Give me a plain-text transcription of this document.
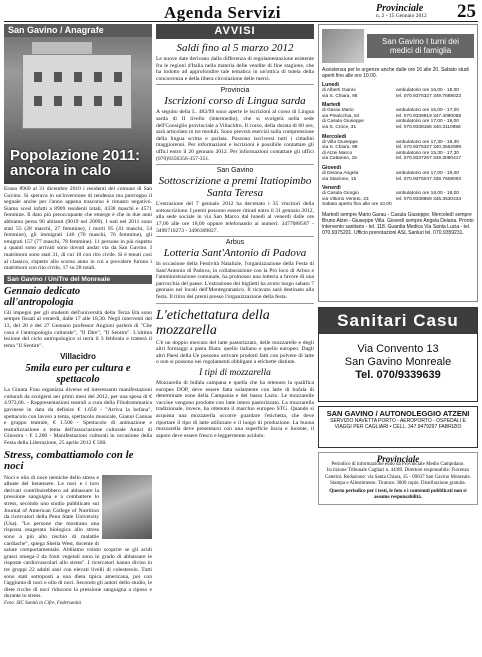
Agenda Servizi	Provinciale
n. 2 - 15 Gennaio 2012 25
San Gavino / Anagrafe
Popolazione 2011: ancora in calo

Erano 8960 al 31 dicembre 2010 i residenti del comune di San Gavino. Si sperava in un'inversione di tendenza ma purtroppo il segnale anche per l'anno appena trascorso è rimasto negativo. Siamo scesi infatti a 8909 residenti totali, 4338 maschi e 4571 femmine. Il dato più preoccupante che emerge è che in due anni abbiamo perso 90 abitanti (9019 nel 2009). I nati nel 2011 sono stati 55 (28 maschi, 27 femmine), i morti 95 (41 maschi, 54 femmine), gli immigrati 146 (70 maschi, 76 femmine), gli emigrati 157 (77 maschi, 78 femmine). 11 persone in più rispetto a quanti sono arrivati sono dovuti andar via da San Gavino. I matrimoni sono stati 31, di cui 10 con rito civile. Si è tenuti così al classico, rispetto allo scorso anno in cui a prevalere furono i matrimoni con rito civile, 17 su 28 totali.

San Gavino / UniTre del Monreale
Gennaio dedicato all'antropologia

Gli impegni per gli studenti dell'università della Terza Età sono sempre fissati al venerdì, dalle 17 alle 18,30. Negli interventi del 13, del 20 e del 27 Gennaio professor Angioni parlerà di "Che cosa è l'antropologia culturale", "Il Dire", "Il Sentire". L'ultima lezione del ciclo antropologico si terrà il 3 febbraio e tratterà il tema "Il Sentire".

Villacidro
5mila euro per cultura e spettacolo

La Giunta Frau organizza diverse ed interessanti manifestazioni culturali da svolgersi nei primi mesi del 2012, per una spesa di € 4.973,60. - Rappresentazioni teatrali a cura della Filodrammatica gavinese in data da definire € 1.650 - "Arriva la befana", spettacolo con lavoro a tema, spettacolo musicale, Gianni Cannas e gruppo teatrale, € 1.500 - Spettacolo di animazione e teatralizzazione a tema dell'associazione culturale Amici di Ginostra - € 1.200 - Manifestazioni culturali in occasione della Festa della Liberazione, 25 aprile 2012 € 500.

Stress, combattiamolo con le noci

Noci e olio di noce nemiche dello stress e alleate del benessere. Le noci e i loro derivati contribuirebbero ad abbassare la pressione sanguigna e a combattere lo stress, secondo uno studio pubblicato sul Journal of American College of Nutrition da ricercatori della Penn State University (Usa). "Le persone che mostrano una risposta esagerata biologica allo stress sono a più alto rischio di malattie cardiache", spiega Sheila West, docente di salute comportamentale. Abbiamo voluto scoprire se gli acidi grassi omega-3 da fonti vegetali sono in grado di abbassare le risposte cardiovascolari allo stress". I ricercatori hanno diviso in tre gruppi 22 adulti sani con elevati livelli di colesterolo. Tutti sono stati sottoposti a una dieta tipica americana, poi con l'aggiunta di noci e olio di noci. Secondo gli autori dello studio, le diete ricche di noci riducono la pressione sanguigna a riposo e durante lo stress.

Foto: SIC Sanità in Cifre, Federsanità
AVVISI
Saldi fino al 5 marzo 2012

Le nuove date derivano dalla differenza di regolamentazione esistente fra le regioni d'Italia nella materia delle vendite di fine stagione, che ha indotto ad approfondire tale tematica in un'ottica di tutela della concorrenza e della libera circolazione delle merci.

Provincia
Iscrizioni corso di Lingua sarda

A seguito della L. 482/99 sono aperte le iscrizioni al corso di Lingua sarda di II livello (intermedio), che si svolgerà nella sede dell'Consiglio provinciale a Villacidro. Il corso, della durata di 60 ore, sarà articolato in tre moduli. Sono previsti esercizi sulla comprensione della lingua scritta e parlata. Possono iscriversi tutti i cittadini maggiorenni. Per informazioni e iscrizioni è possibile contattare gli uffici entro il 20 gennaio 2012. Per informazioni contattare gli uffici (070)9356356-357-351.

San Gavino
Sottoscrizione a premi Itatiopimbo Santa Teresa

L'estrazione del 7 gennaio 2012 ha decretato i 35 vincitori della sottoscrizione. I premi possono essere ritirati entro il 31 gennaio 2012, alla sede sociale in via San Marco dal lunedì al venerdì dalle ore 17,00 alle ore 18,00 oppure telefonando ai numeri: 3477088587 - 3496710273 - 3496309827.

Arbus
Lotteria Sant'Antonio di Padova

In occasione della Festività Natalizie, l'organizzazione della Festa di Sant'Antonio di Padova, in collaborazione con la Pro loco di Arbus e l'amministrazione comunale, ha promosso una lotteria a favore di una parrocchia del paese. L'estrazione dei biglietti ha avuto luogo sabato 7 gennaio nei locali dell'Montegranatico. Il ricavato sarà destinato alla festa. Il ritiro dei premi presso l'organizzazione della festa.

L'etichettatura della mozzarella

C'è un doppio mercato del latte pastorizzato, delle mozzarelle e degli altri formaggi a pasta filata: quello italiano e quello europeo. Dagli altri Paesi della Ue possono arrivare prodotti fatti con polvere di latte o non si possono nei regolamenti obbligare a etichette distinte.

I tipi di mozzarella

Mozzarella di bufala campana e quella che ha ottenuto la qualifica europea DOP, deve essere fatta solamente con latte di bufala di determinate zone della Campania e del basso Lazio. Le mozzarelle vaccine vengono prodotte con latte intero pastorizzato. La mozzarella tradizionale, invece, ha ottenuto il marchio europeo STG. Quando si acquista una mozzarella occorre guardare l'etichetta, che deve riportare il tipo di latte utilizzato e il luogo di produzione. La buona mozzarella deve presentarsi con una superficie liscia e lucente, il sapore deve essere fresco e leggermente acidulo.

San Gavino I turni dei medici di famiglia

Assistenza per le urgenze anche dalle ore 16 alle 20. Sabato studi aperti fino alle ore 10.00.

Lunedì
di Alberti Gianni	ambulatorio ore 16,00 - 18,00
via S. Chiara, 98	tel. 070.9375327 349.7689023
Martedì
di Garau Mario	ambulatorio ore 15,00 - 17,00
via Pinaicchia, 64	tel. 070.9339919 347.4090058
di Casula Giuseppe	ambulatorio ore 17,00 - 19,00
via S. Croce, 31	tel. 070.9338156 340.3110856
Mercoledì
di Villa Giuseppe	ambulatorio ore 17,30 - 19,30
via S. Chiara, 98	tel. 070.9375327 340.3552999
di Atzei Marco	ambulatorio ore 15,30 - 17,30
via Cattaneo, 15	tel. 070.9337267 349.3080417
Giovedì
di Deiana Angela	ambulatorio ore 17,00 - 19,00
via Stazione, 15	tel. 070.9375047 338.7608093
Venerdì
di Casula Giorgio	ambulatorio ore 16,00 - 18,00
via Vittorio Veneto, 23	tel. 070.9338869 345.3530434
Sabato aperto fino alle ore 10,00

Martedì sempre Mario Garau - Casula Giuseppe. Mercoledì sempre Bruno Atzei - Giuseppe Villa. Giovedì sempre Angela Deiana. Pronto intervento sanitario - tel. 118. Guardia Medica Via Santa Lucia - tel. 070.9375201. Ufficio prenotazioni ASL Sanluri tel. 070.9359231.

Sanitari Casu
Via Convento 13
San Gavino Monreale
Tel. 070/9339639
SAN GAVINO / AUTONOLEGGIO ATZENI
SERVIZIO NAVETTA PORTO - AEROPORTO - OSPEDALI E VIAGGI PER CAGLIARI • CELL. 347.9479297 FABRIZIO
Provinciale
Periodico di informazione edito da Provinciale Medio Campidano. Iscrizione Tribunale Cagliari n. 44/89. Direttore responsabile: Fiorenzo Caterini. Redazione: via Santa Chiara, 35 - 09037 San Gavino Monreale. Stampa e Allestimento. Tiratura: 3000 copie. Distribuzione gratuita.
Questo periodico per i testi, le foto e i contenuti pubblicati non si assume responsabilità.
